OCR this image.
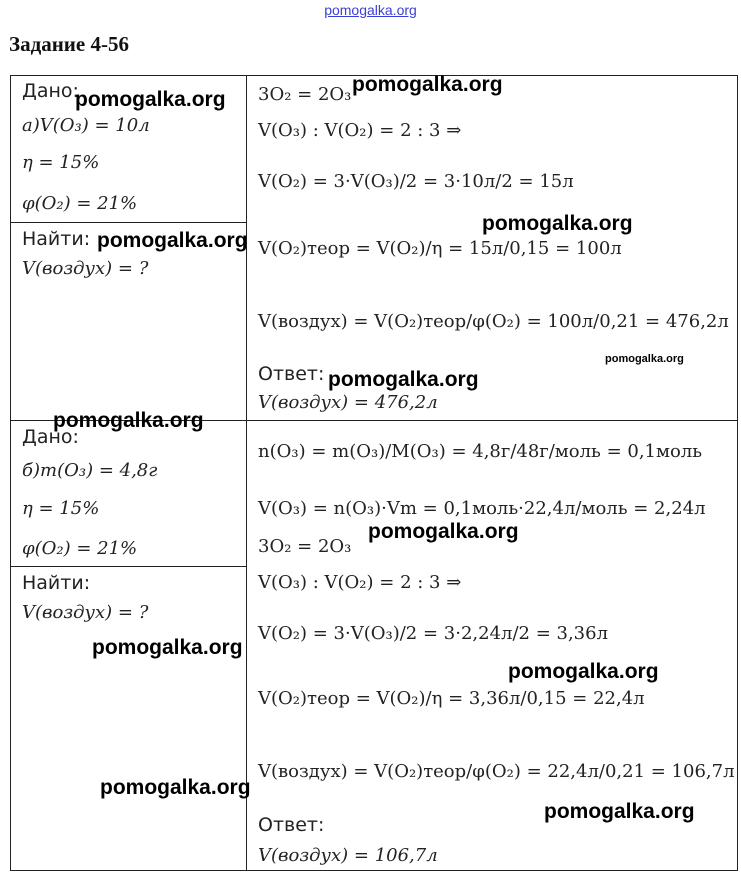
pomogalka.org
Задание 4-56
Дано:
а)V(O₃) = 10л
η = 15%
φ(O₂) = 21%
Найти:
V(воздух) = ?
3O₂ = 2O₃
V(O₃) : V(O₂) = 2 : 3 ⇒
V(O₂) = 3·V(O₃)/2 = 3·10л/2 = 15л
V(O₂)теор = V(O₂)/η = 15л/0,15 = 100л
V(воздух) = V(O₂)теор/φ(O₂) = 100л/0,21 = 476,2л
Ответ:
V(воздух) = 476,2л
Дано:
б)m(O₃) = 4,8г
η = 15%
φ(O₂) = 21%
Найти:
V(воздух) = ?
n(O₃) = m(O₃)/M(O₃) = 4,8г/48г/моль = 0,1моль
V(O₃) = n(O₃)·Vm = 0,1моль·22,4л/моль = 2,24л
3O₂ = 2O₃
V(O₃) : V(O₂) = 2 : 3 ⇒
V(O₂) = 3·V(O₃)/2 = 3·2,24л/2 = 3,36л
V(O₂)теор = V(O₂)/η = 3,36л/0,15 = 22,4л
V(воздух) = V(O₂)теор/φ(O₂) = 22,4л/0,21 = 106,7л
Ответ:
V(воздух) = 106,7л
pomogalka.org
pomogalka.org
pomogalka.org
pomogalka.org
pomogalka.org
pomogalka.org
pomogalka.org
pomogalka.org
pomogalka.org
pomogalka.org
pomogalka.org
pomogalka.org
